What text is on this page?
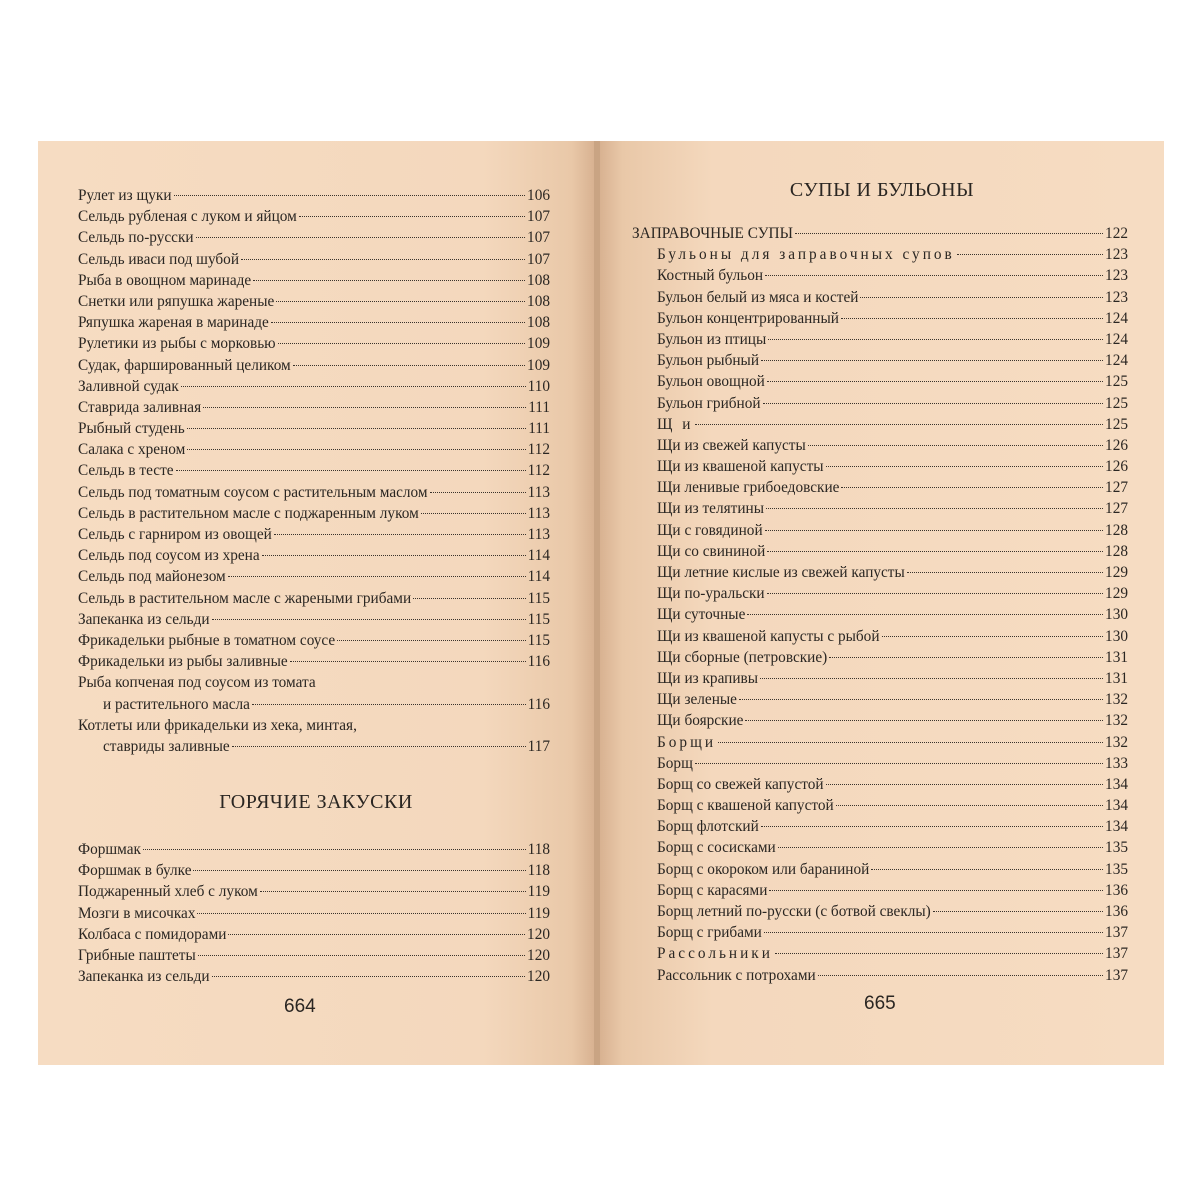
Рулет из щуки	106
Сельдь рубленая с луком и яйцом	107
Сельдь по-русски	107
Сельдь иваси под шубой	107
Рыба в овощном маринаде	108
Снетки или ряпушка жареные	108
Ряпушка жареная в маринаде	108
Рулетики из рыбы с морковью	109
Судак, фаршированный целиком	109
Заливной судак	110
Ставрида заливная	111
Рыбный студень	111
Салака с хреном	112
Сельдь в тесте	112
Сельдь под томатным соусом с растительным маслом	113
Сельдь в растительном масле с поджаренным луком	113
Сельдь с гарниром из овощей	113
Сельдь под соусом из хрена	114
Сельдь под майонезом	114
Сельдь в растительном масле с жареными грибами	115
Запеканка из сельди	115
Фрикадельки рыбные в томатном соусе	115
Фрикадельки из рыбы заливные	116
Рыба копченая под соусом из томата
и растительного масла	116
Котлеты или фрикадельки из хека, минтая,
ставриды заливные	117
ГОРЯЧИЕ ЗАКУСКИ
Форшмак	118
Форшмак в булке	118
Поджаренный хлеб с луком	119
Мозги в мисочках	119
Колбаса с помидорами	120
Грибные паштеты	120
Запеканка из сельди	120
664
СУПЫ И БУЛЬОНЫ
ЗАПРАВОЧНЫЕ СУПЫ	122
Бульоны для заправочных супов	123
Костный бульон	123
Бульон белый из мяса и костей	123
Бульон концентрированный	124
Бульон из птицы	124
Бульон рыбный	124
Бульон овощной	125
Бульон грибной	125
Щ и	125
Щи из свежей капусты	126
Щи из квашеной капусты	126
Щи ленивые грибоедовские	127
Щи из телятины	127
Щи с говядиной	128
Щи со свининой	128
Щи летние кислые из свежей капусты	129
Щи по-уральски	129
Щи суточные	130
Щи из квашеной капусты с рыбой	130
Щи сборные (петровские)	131
Щи из крапивы	131
Щи зеленые	132
Щи боярские	132
Борщи	132
Борщ	133
Борщ со свежей капустой	134
Борщ с квашеной капустой	134
Борщ флотский	134
Борщ с сосисками	135
Борщ с окороком или бараниной	135
Борщ с карасями	136
Борщ летний по-русски (с ботвой свеклы)	136
Борщ с грибами	137
Рассольники	137
Рассольник с потрохами	137
665
